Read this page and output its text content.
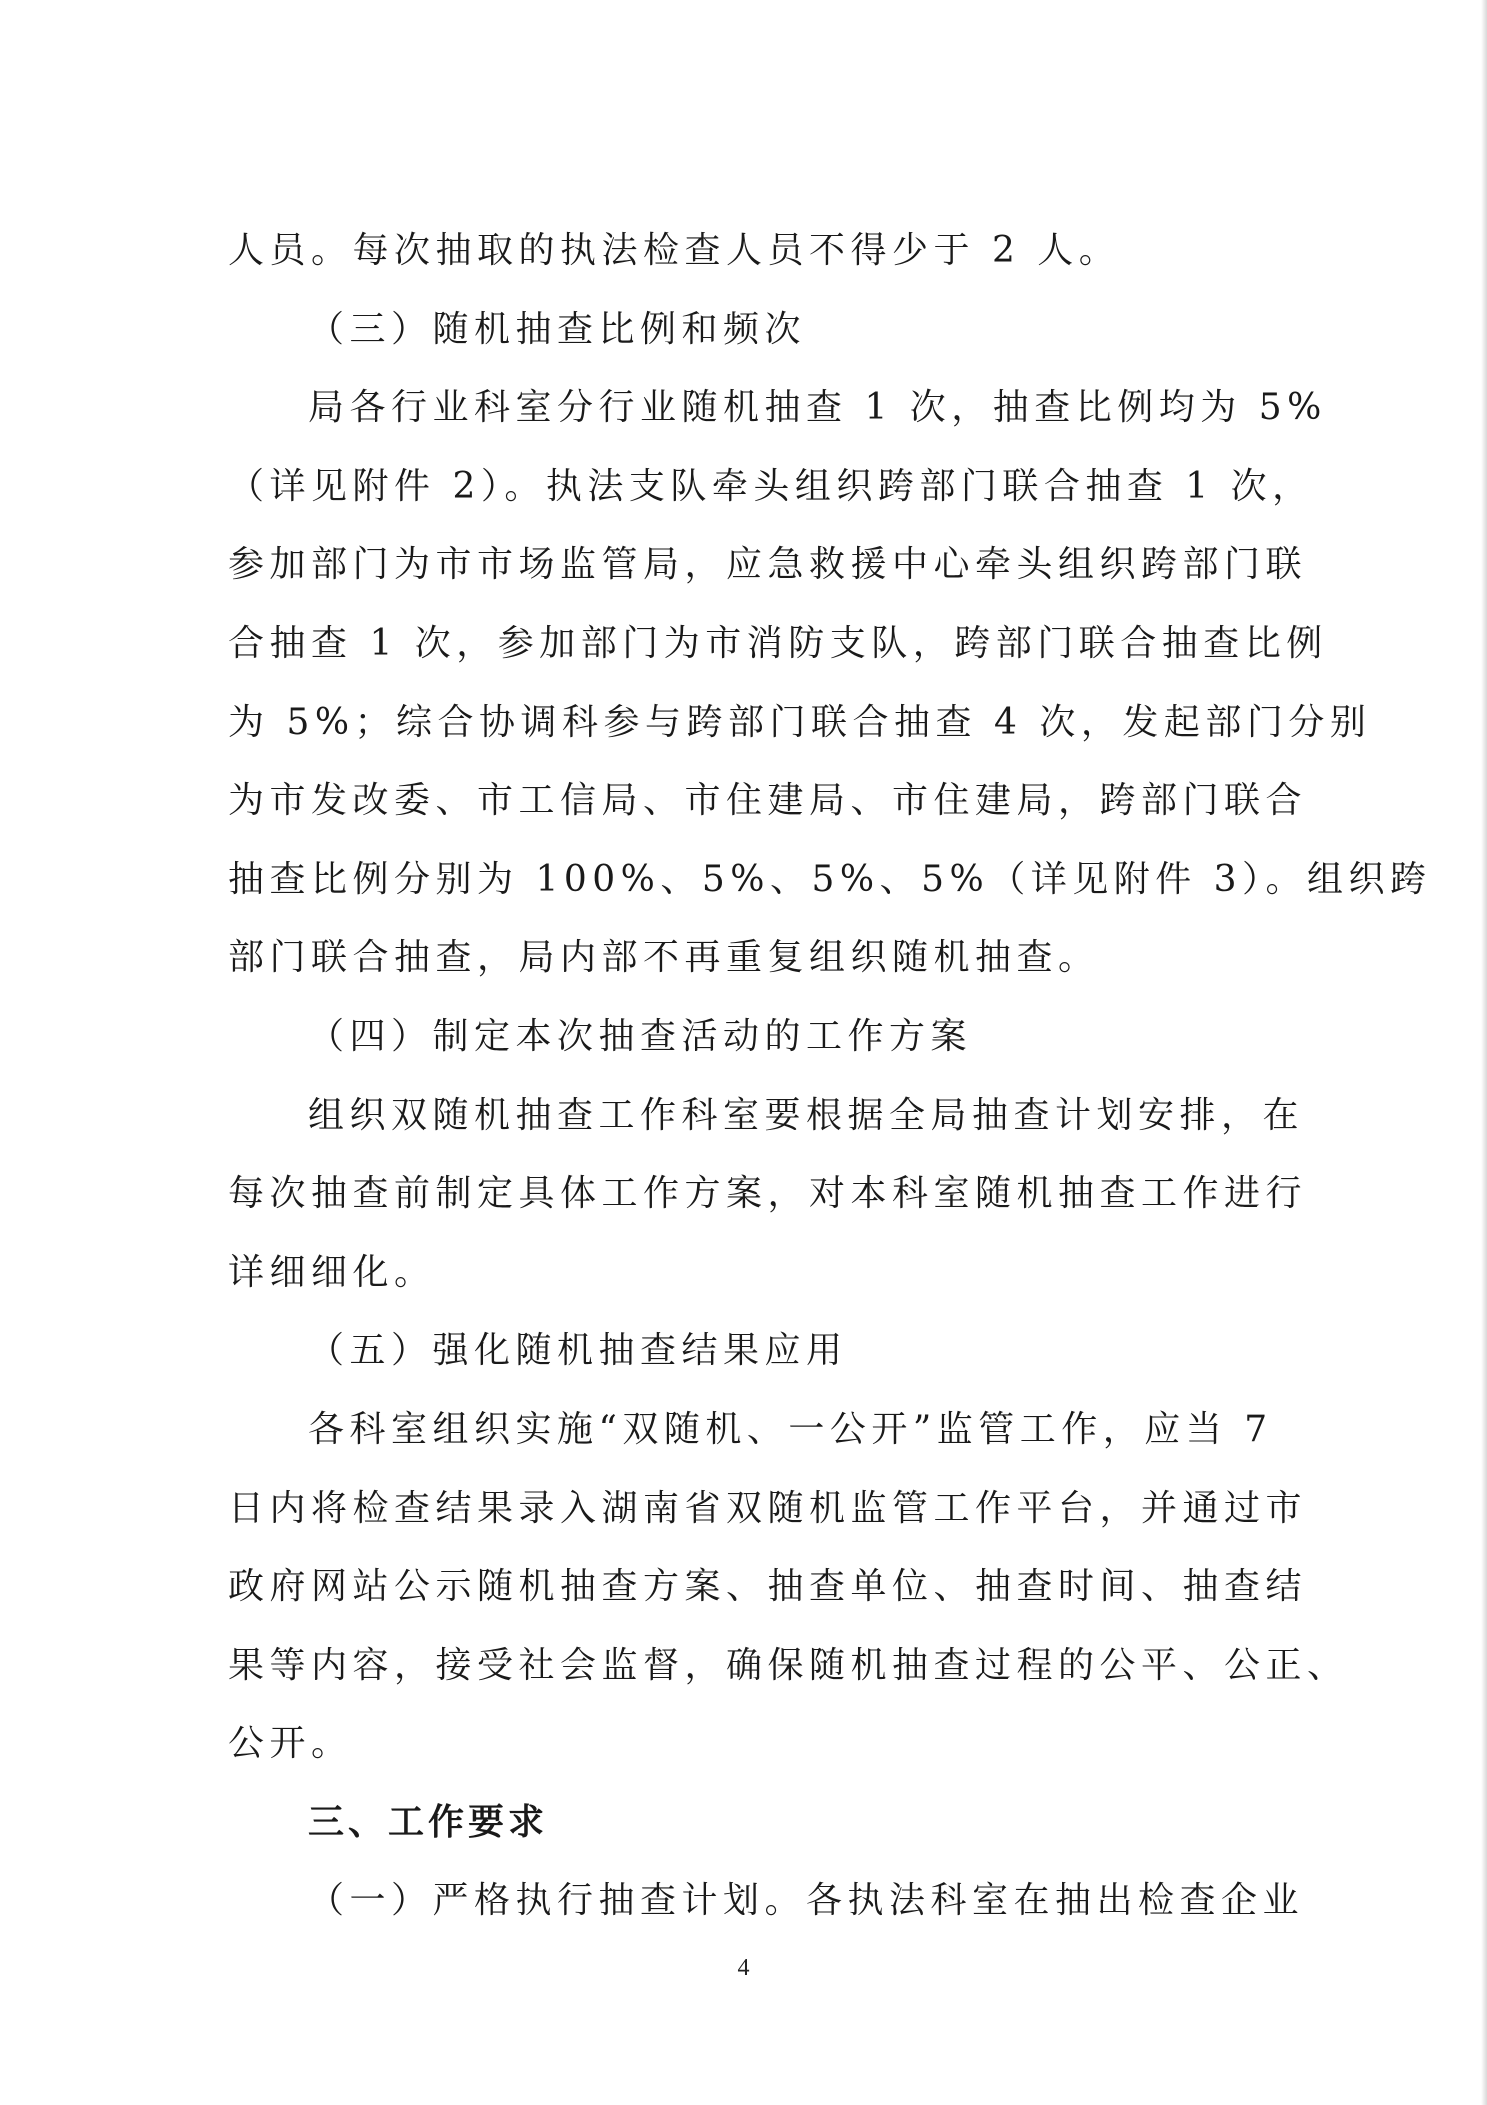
人员。每次抽取的执法检查人员不得少于 2 人。
（三）随机抽查比例和频次
局各行业科室分行业随机抽查 1 次，抽查比例均为 5%
（详见附件 2）。执法支队牵头组织跨部门联合抽查 1 次，
参加部门为市市场监管局，应急救援中心牵头组织跨部门联
合抽查 1 次，参加部门为市消防支队，跨部门联合抽查比例
为 5%；综合协调科参与跨部门联合抽查 4 次，发起部门分别
为市发改委、市工信局、市住建局、市住建局，跨部门联合
抽查比例分别为 100%、5%、5%、5%（详见附件 3）。组织跨
部门联合抽查，局内部不再重复组织随机抽查。
（四）制定本次抽查活动的工作方案
组织双随机抽查工作科室要根据全局抽查计划安排，在
每次抽查前制定具体工作方案，对本科室随机抽查工作进行
详细细化。
（五）强化随机抽查结果应用
各科室组织实施“双随机、一公开”监管工作，应当 7
日内将检查结果录入湖南省双随机监管工作平台，并通过市
政府网站公示随机抽查方案、抽查单位、抽查时间、抽查结
果等内容，接受社会监督，确保随机抽查过程的公平、公正、
公开。
三、工作要求
（一）严格执行抽查计划。各执法科室在抽出检查企业
4
